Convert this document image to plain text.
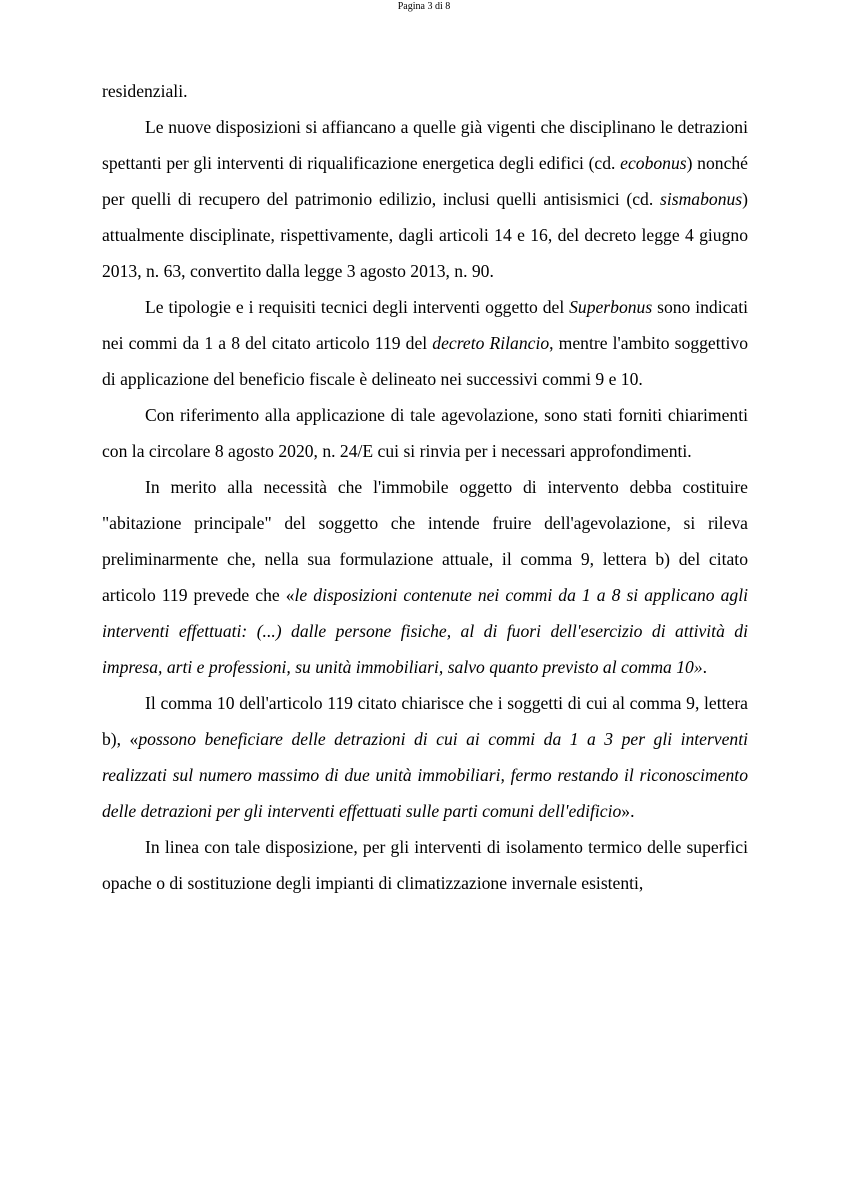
Pagina 3 di 8

residenziali.

Le nuove disposizioni si affiancano a quelle già vigenti che disciplinano le detrazioni spettanti per gli interventi di riqualificazione energetica degli edifici (cd. ecobonus) nonché per quelli di recupero del patrimonio edilizio, inclusi quelli antisismici (cd. sismabonus) attualmente disciplinate, rispettivamente, dagli articoli 14 e 16, del decreto legge 4 giugno 2013, n. 63, convertito dalla legge 3 agosto 2013, n. 90.

Le tipologie e i requisiti tecnici degli interventi oggetto del Superbonus sono indicati nei commi da 1 a 8 del citato articolo 119 del decreto Rilancio, mentre l'ambito soggettivo di applicazione del beneficio fiscale è delineato nei successivi commi 9 e 10.

Con riferimento alla applicazione di tale agevolazione, sono stati forniti chiarimenti con la circolare 8 agosto 2020, n. 24/E cui si rinvia per i necessari approfondimenti.

In merito alla necessità che l'immobile oggetto di intervento debba costituire "abitazione principale" del soggetto che intende fruire dell'agevolazione, si rileva preliminarmente che, nella sua formulazione attuale, il comma 9, lettera b) del citato articolo 119 prevede che «le disposizioni contenute nei commi da 1 a 8 si applicano agli interventi effettuati: (...) dalle persone fisiche, al di fuori dell'esercizio di attività di impresa, arti e professioni, su unità immobiliari, salvo quanto previsto al comma 10».

Il comma 10 dell'articolo 119 citato chiarisce che i soggetti di cui al comma 9, lettera b), «possono beneficiare delle detrazioni di cui ai commi da 1 a 3 per gli interventi realizzati sul numero massimo di due unità immobiliari, fermo restando il riconoscimento delle detrazioni per gli interventi effettuati sulle parti comuni dell'edificio».

In linea con tale disposizione, per gli interventi di isolamento termico delle superfici opache o di sostituzione degli impianti di climatizzazione invernale esistenti,
